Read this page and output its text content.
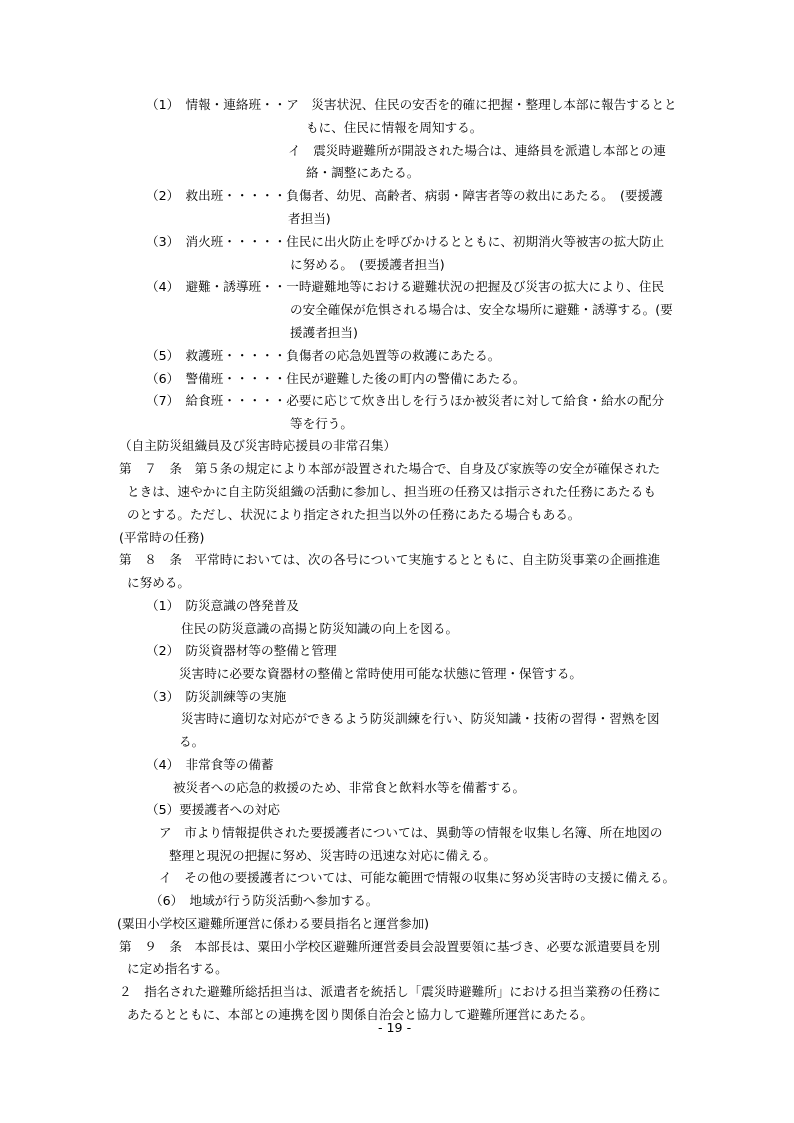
（1）　情報・連絡班・・ア　災害状況、住民の安否を的確に把握・整理し本部に報告するとと
もに、住民に情報を周知する。
イ　震災時避難所が開設された場合は、連絡員を派遣し本部との連
絡・調整にあたる。
（2）　救出班・・・・・負傷者、幼児、高齢者、病弱・障害者等の救出にあたる。　(要援護
者担当)
（3）　消火班・・・・・住民に出火防止を呼びかけるとともに、初期消火等被害の拡大防止
に努める。　(要援護者担当)
（4）　避難・誘導班・・一時避難地等における避難状況の把握及び災害の拡大により、住民
の安全確保が危惧される場合は、安全な場所に避難・誘導する。(要
援護者担当)
（5）　救護班・・・・・負傷者の応急処置等の救護にあたる。
（6）　警備班・・・・・住民が避難した後の町内の警備にあたる。
（7）　給食班・・・・・必要に応じて炊き出しを行うほか被災者に対して給食・給水の配分
等を行う。
（自主防災組織員及び災害時応援員の非常召集）
第　７　条　第５条の規定により本部が設置された場合で、自身及び家族等の安全が確保された
ときは、速やかに自主防災組織の活動に参加し、担当班の任務又は指示された任務にあたるも
のとする。ただし、状況により指定された担当以外の任務にあたる場合もある。
(平常時の任務)
第　８　条　平常時においては、次の各号について実施するとともに、自主防災事業の企画推進
に努める。
（1）　防災意識の啓発普及
住民の防災意識の高揚と防災知識の向上を図る。
（2）　防災資器材等の整備と管理
災害時に必要な資器材の整備と常時使用可能な状態に管理・保管する。
（3）　防災訓練等の実施
災害時に適切な対応ができるよう防災訓練を行い、防災知識・技術の習得・習熟を図
る。
（4）　非常食等の備蓄
被災者への応急的救援のため、非常食と飲料水等を備蓄する。
（5）要援護者への対応
ア　市より情報提供された要援護者については、異動等の情報を収集し名簿、所在地図の
整理と現況の把握に努め、災害時の迅速な対応に備える。
イ　その他の要援護者については、可能な範囲で情報の収集に努め災害時の支援に備える。
（6）　地域が行う防災活動へ参加する。
(粟田小学校区避難所運営に係わる要員指名と運営参加)
第　９　条　本部長は、粟田小学校区避難所運営委員会設置要領に基づき、必要な派遣要員を別
に定め指名する。
２　指名された避難所総括担当は、派遣者を統括し「震災時避難所」における担当業務の任務に
あたるとともに、本部との連携を図り関係自治会と協力して避難所運営にあたる。
- 19 -
